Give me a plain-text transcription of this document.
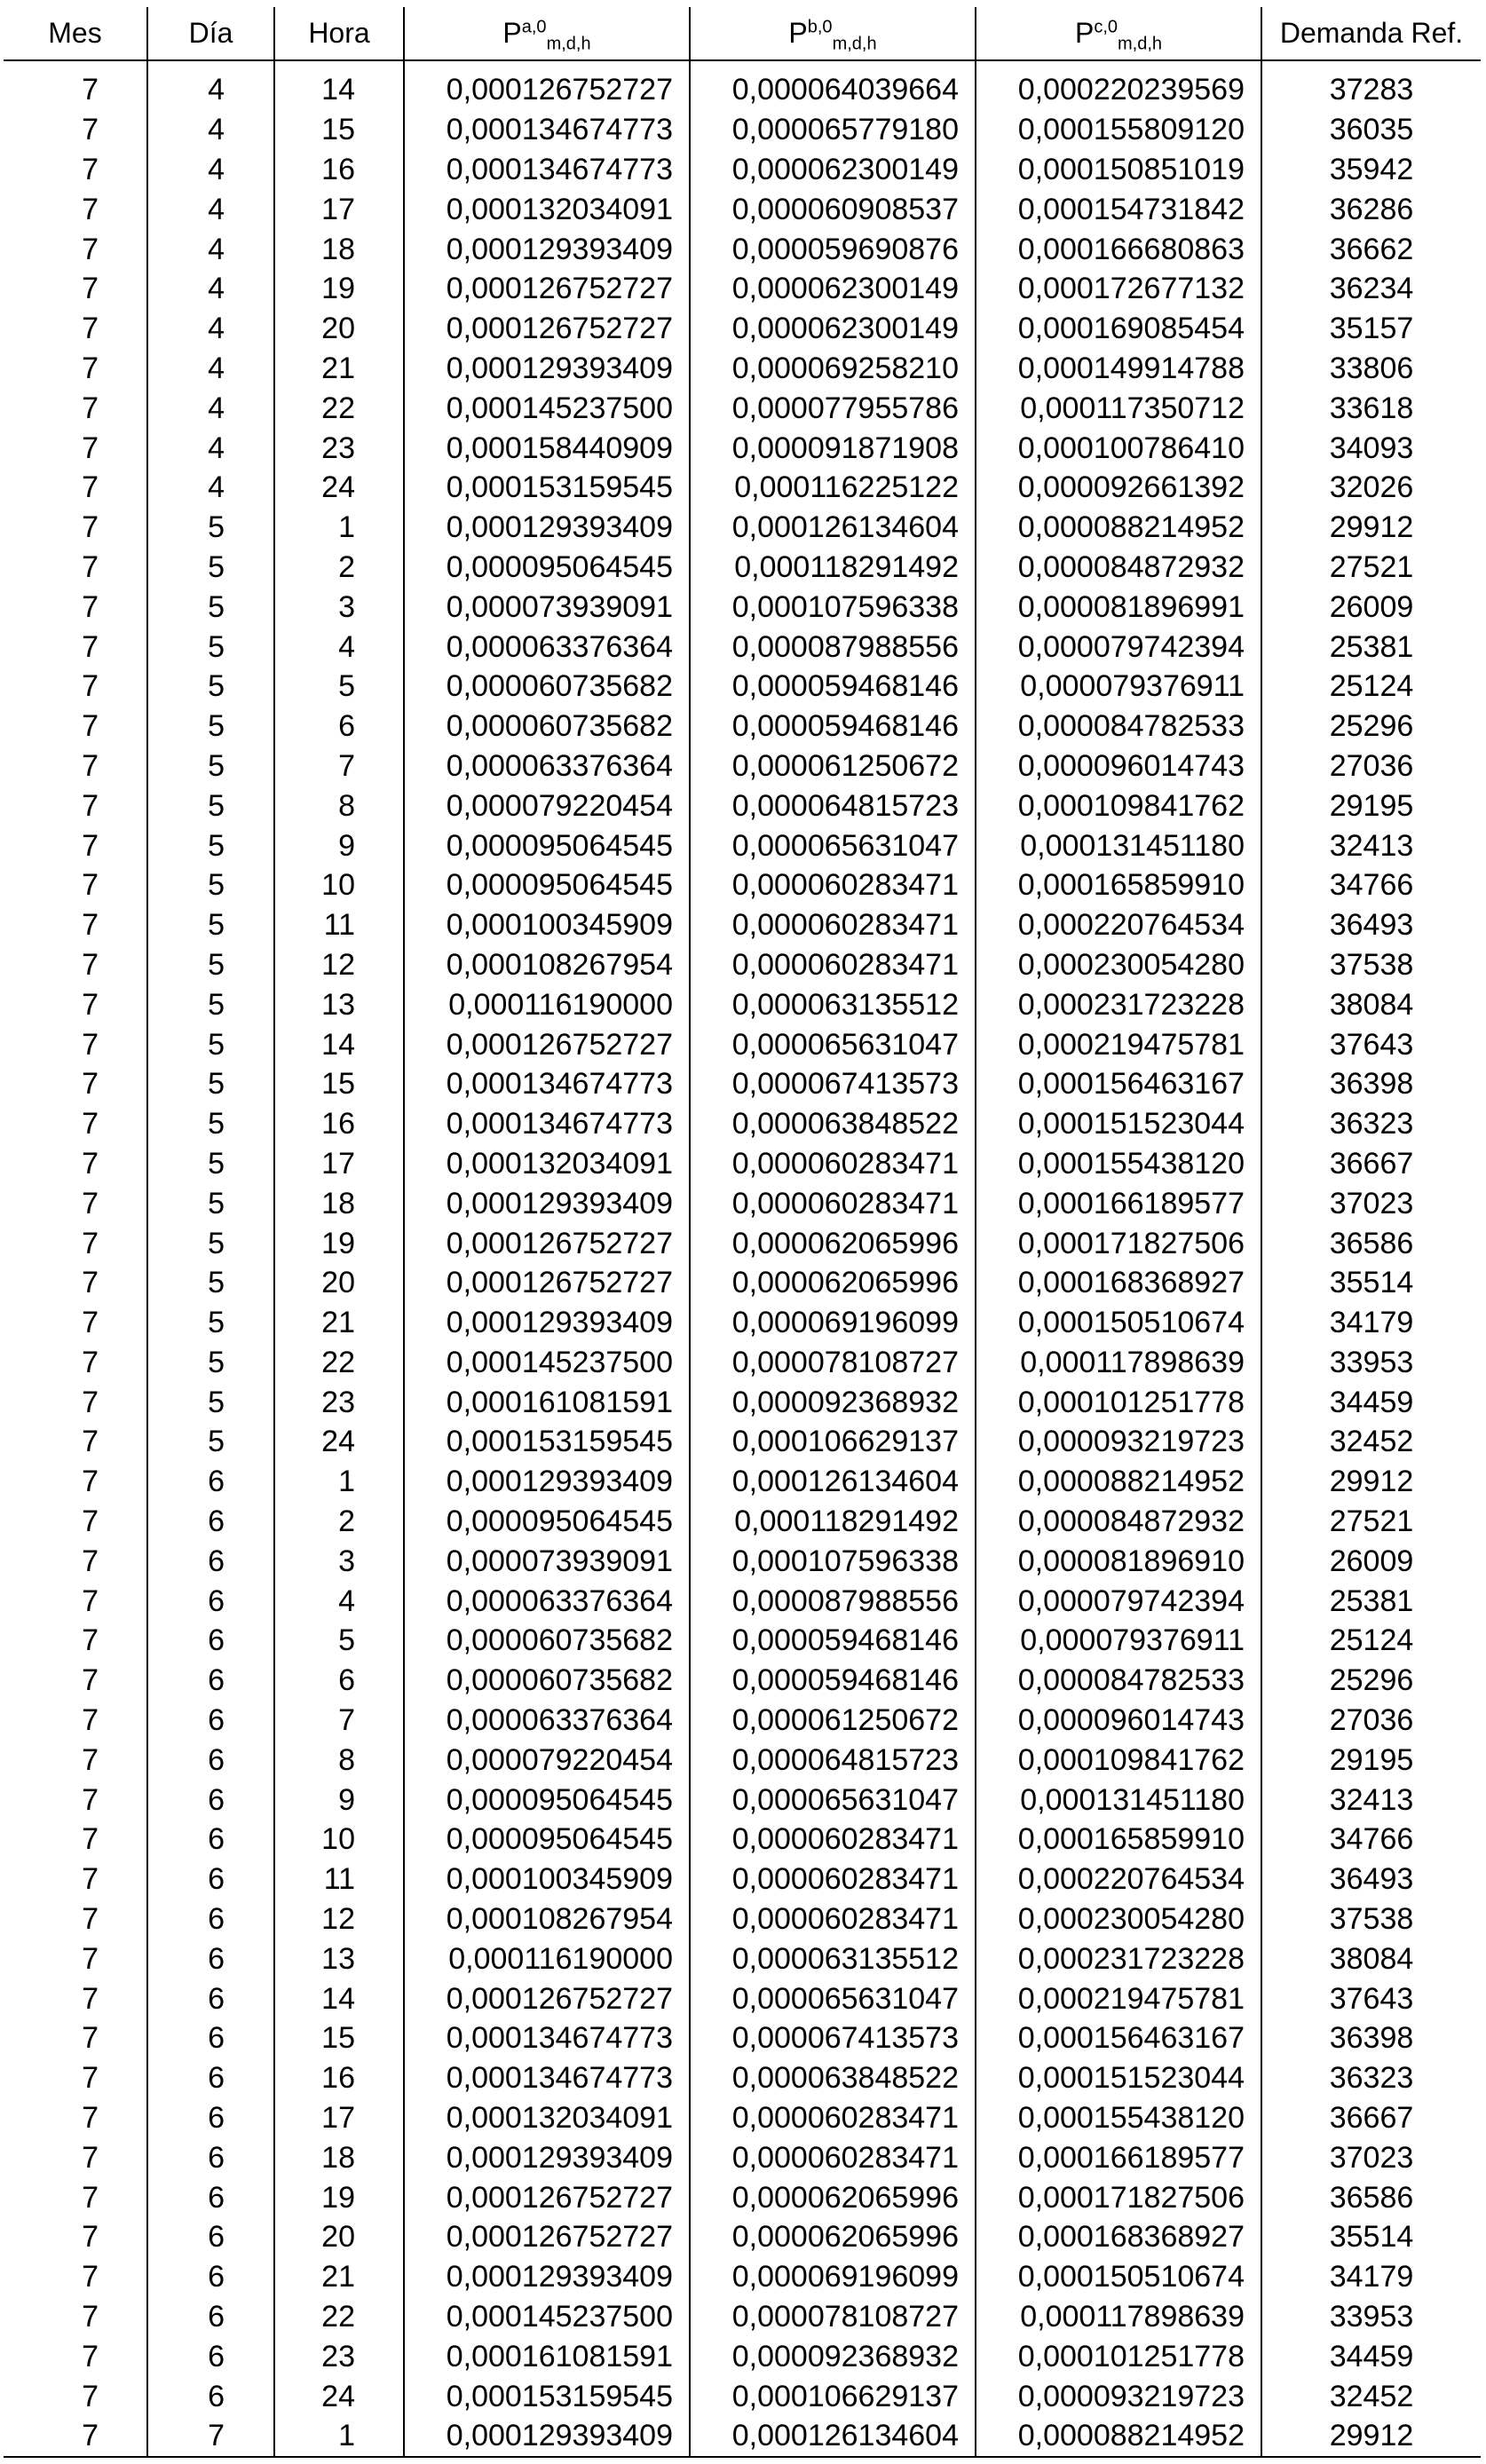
Mes	Día	Hora	P$^{a,0}_{m,d,h}$	P$^{b,0}_{m,d,h}$	P$^{c,0}_{m,d,h}$	Demanda Ref.

7	4	14	0,000126752727	0,000064039664	0,000220239569	37283
7	4	15	0,000134674773	0,000065779180	0,000155809120	36035
7	4	16	0,000134674773	0,000062300149	0,000150851019	35942
7	4	17	0,000132034091	0,000060908537	0,000154731842	36286
7	4	18	0,000129393409	0,000059690876	0,000166680863	36662
7	4	19	0,000126752727	0,000062300149	0,000172677132	36234
7	4	20	0,000126752727	0,000062300149	0,000169085454	35157
7	4	21	0,000129393409	0,000069258210	0,000149914788	33806
7	4	22	0,000145237500	0,000077955786	0,000117350712	33618
7	4	23	0,000158440909	0,000091871908	0,000100786410	34093
7	4	24	0,000153159545	0,000116225122	0,000092661392	32026
7	5	1	0,000129393409	0,000126134604	0,000088214952	29912
7	5	2	0,000095064545	0,000118291492	0,000084872932	27521
7	5	3	0,000073939091	0,000107596338	0,000081896991	26009
7	5	4	0,000063376364	0,000087988556	0,000079742394	25381
7	5	5	0,000060735682	0,000059468146	0,000079376911	25124
7	5	6	0,000060735682	0,000059468146	0,000084782533	25296
7	5	7	0,000063376364	0,000061250672	0,000096014743	27036
7	5	8	0,000079220454	0,000064815723	0,000109841762	29195
7	5	9	0,000095064545	0,000065631047	0,000131451180	32413
7	5	10	0,000095064545	0,000060283471	0,000165859910	34766
7	5	11	0,000100345909	0,000060283471	0,000220764534	36493
7	5	12	0,000108267954	0,000060283471	0,000230054280	37538
7	5	13	0,000116190000	0,000063135512	0,000231723228	38084
7	5	14	0,000126752727	0,000065631047	0,000219475781	37643
7	5	15	0,000134674773	0,000067413573	0,000156463167	36398
7	5	16	0,000134674773	0,000063848522	0,000151523044	36323
7	5	17	0,000132034091	0,000060283471	0,000155438120	36667
7	5	18	0,000129393409	0,000060283471	0,000166189577	37023
7	5	19	0,000126752727	0,000062065996	0,000171827506	36586
7	5	20	0,000126752727	0,000062065996	0,000168368927	35514
7	5	21	0,000129393409	0,000069196099	0,000150510674	34179
7	5	22	0,000145237500	0,000078108727	0,000117898639	33953
7	5	23	0,000161081591	0,000092368932	0,000101251778	34459
7	5	24	0,000153159545	0,000106629137	0,000093219723	32452
7	6	1	0,000129393409	0,000126134604	0,000088214952	29912
7	6	2	0,000095064545	0,000118291492	0,000084872932	27521
7	6	3	0,000073939091	0,000107596338	0,000081896910	26009
7	6	4	0,000063376364	0,000087988556	0,000079742394	25381
7	6	5	0,000060735682	0,000059468146	0,000079376911	25124
7	6	6	0,000060735682	0,000059468146	0,000084782533	25296
7	6	7	0,000063376364	0,000061250672	0,000096014743	27036
7	6	8	0,000079220454	0,000064815723	0,000109841762	29195
7	6	9	0,000095064545	0,000065631047	0,000131451180	32413
7	6	10	0,000095064545	0,000060283471	0,000165859910	34766
7	6	11	0,000100345909	0,000060283471	0,000220764534	36493
7	6	12	0,000108267954	0,000060283471	0,000230054280	37538
7	6	13	0,000116190000	0,000063135512	0,000231723228	38084
7	6	14	0,000126752727	0,000065631047	0,000219475781	37643
7	6	15	0,000134674773	0,000067413573	0,000156463167	36398
7	6	16	0,000134674773	0,000063848522	0,000151523044	36323
7	6	17	0,000132034091	0,000060283471	0,000155438120	36667
7	6	18	0,000129393409	0,000060283471	0,000166189577	37023
7	6	19	0,000126752727	0,000062065996	0,000171827506	36586
7	6	20	0,000126752727	0,000062065996	0,000168368927	35514
7	6	21	0,000129393409	0,000069196099	0,000150510674	34179
7	6	22	0,000145237500	0,000078108727	0,000117898639	33953
7	6	23	0,000161081591	0,000092368932	0,000101251778	34459
7	6	24	0,000153159545	0,000106629137	0,000093219723	32452
7	7	1	0,000129393409	0,000126134604	0,000088214952	29912
